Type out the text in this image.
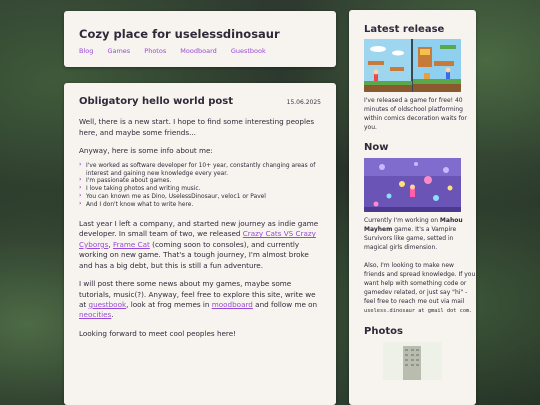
Cozy place for uselessdinosaur
Blog Games Photos Moodboard Guestbook
Obligatory hello world post	15.06.2025

Well, there is a new start. I hope to find some interesting peoples here, and maybe some friends...

Anyway, here is some info about me:

› I've worked as software developer for 10+ year, constantly changing areas of interest and gaining new knowledge every year.
› I'm passionate about games.
› I love taking photos and writing music.
› You can known me as Dino, UselessDinosaur, veloc1 or Pavel
› And I don't know what to write here.

Last year I left a company, and started new journey as indie game developer. In small team of two, we released Crazy Cats VS Crazy Cyborgs, Frame Cat (coming soon to consoles), and currently working on new game. That's a tough journey, I'm almost broke and has a big debt, but this is still a fun adventure.

I will post there some news about my games, maybe some tutorials, music(?). Anyway, feel free to explore this site, write we at guestbook, look at frog memes in moodboard and follow me on neocities.

Looking forward to meet cool peoples here!

Latest release

I've released a game for free! 40 minutes of oldschool platforming within comics decoration waits for you.

Now

Currently I'm working on Mahou Mayhem game. It's a Vampire Survivors like game, setted in magical girls dimension.

Also, I'm looking to make new friends and spread knowledge. If you want help with something code or gamedev related, or just say "hi" - feel free to reach me out via mail useless.dinosaur at gmail dot com.

Photos
